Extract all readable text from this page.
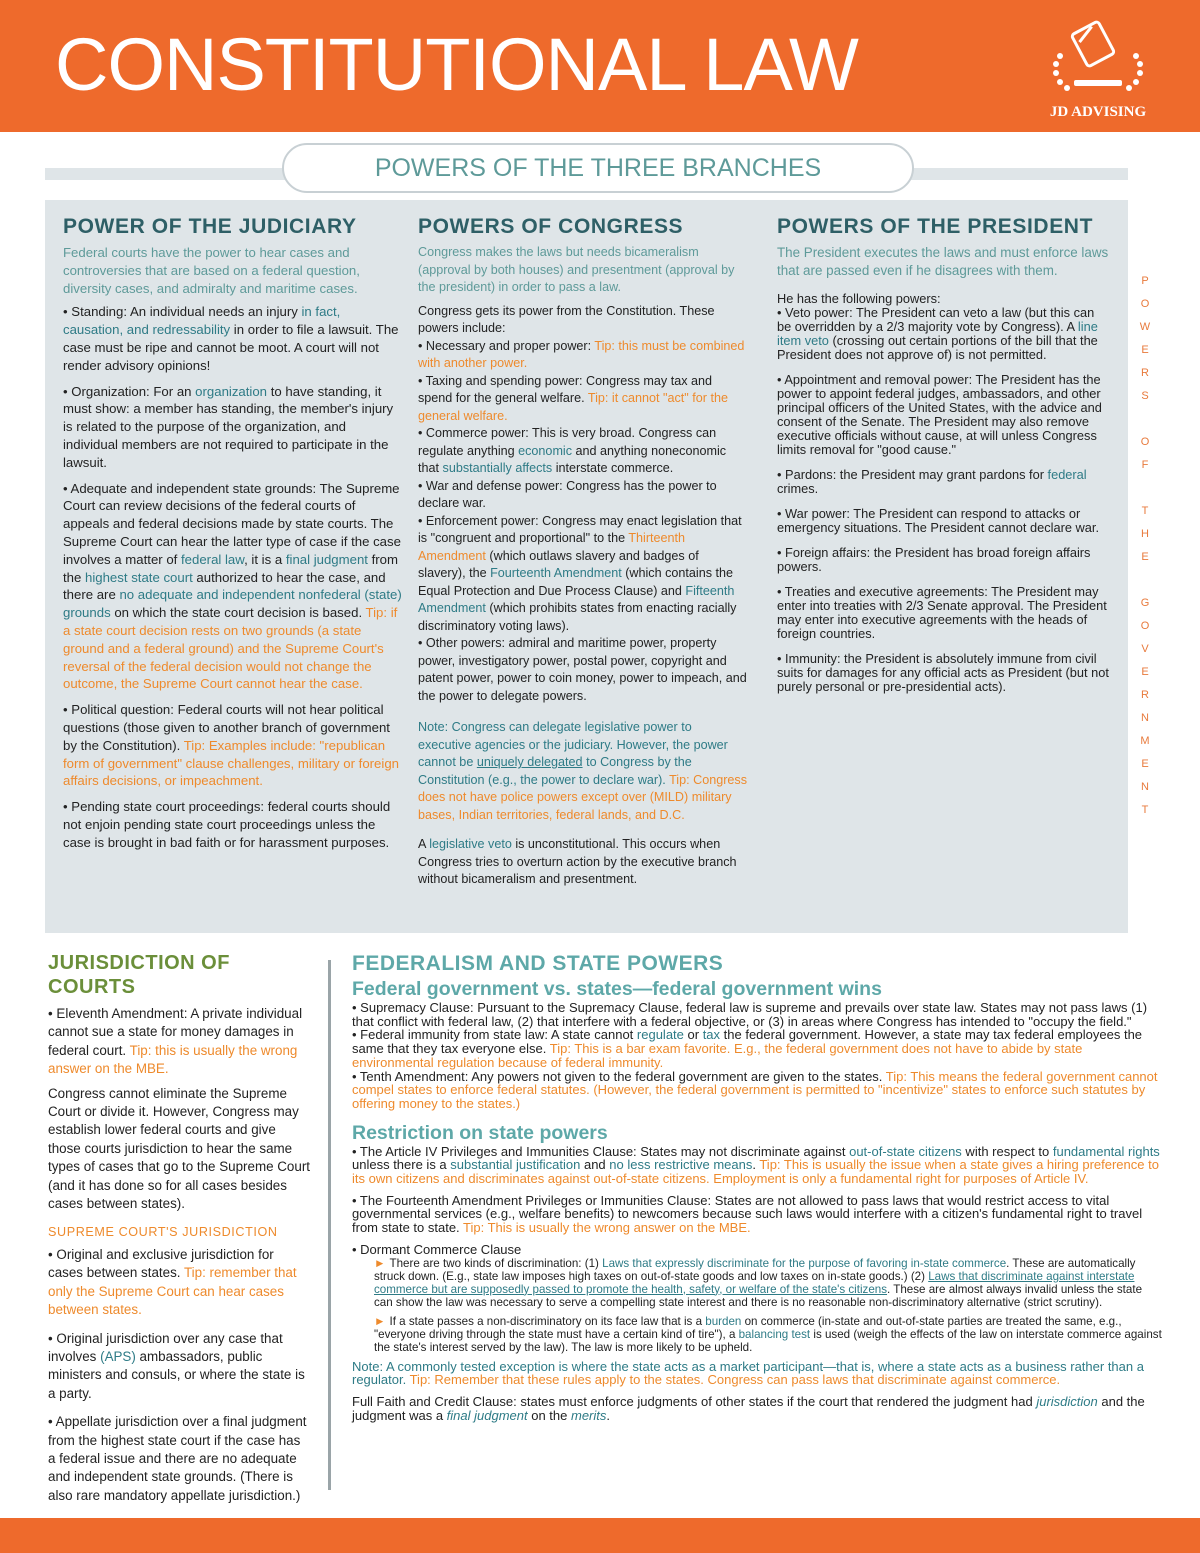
CONSTITUTIONAL LAW
JD ADVISING
POWERS OF THE THREE BRANCHES
POWER OF THE JUDICIARY
Federal courts have the power to hear cases and controversies that are based on a federal question, diversity cases, and admiralty and maritime cases.
• Standing: An individual needs an injury in fact, causation, and redressability in order to file a lawsuit. The case must be ripe and cannot be moot. A court will not render advisory opinions!
• Organization: For an organization to have standing, it must show: a member has standing, the member's injury is related to the purpose of the organization, and individual members are not required to participate in the lawsuit.
• Adequate and independent state grounds: The Supreme Court can review decisions of the federal courts of appeals and federal decisions made by state courts. The Supreme Court can hear the latter type of case if the case involves a matter of federal law, it is a final judgment from the highest state court authorized to hear the case, and there are no adequate and independent nonfederal (state) grounds on which the state court decision is based. Tip: if a state court decision rests on two grounds (a state ground and a federal ground) and the Supreme Court's reversal of the federal decision would not change the outcome, the Supreme Court cannot hear the case.
• Political question: Federal courts will not hear political questions (those given to another branch of government by the Constitution). Tip: Examples include: "republican form of government" clause challenges, military or foreign affairs decisions, or impeachment.
• Pending state court proceedings: federal courts should not enjoin pending state court proceedings unless the case is brought in bad faith or for harassment purposes.
POWERS OF CONGRESS
Congress makes the laws but needs bicameralism (approval by both houses) and presentment (approval by the president) in order to pass a law.
Congress gets its power from the Constitution. These powers include:
• Necessary and proper power: Tip: this must be combined with another power.
• Taxing and spending power: Congress may tax and spend for the general welfare. Tip: it cannot "act" for the general welfare.
• Commerce power: This is very broad. Congress can regulate anything economic and anything noneconomic that substantially affects interstate commerce.
• War and defense power: Congress has the power to declare war.
• Enforcement power: Congress may enact legislation that is "congruent and proportional" to the Thirteenth Amendment (which outlaws slavery and badges of slavery), the Fourteenth Amendment (which contains the Equal Protection and Due Process Clause) and Fifteenth Amendment (which prohibits states from enacting racially discriminatory voting laws).
• Other powers: admiral and maritime power, property power, investigatory power, postal power, copyright and patent power, power to coin money, power to impeach, and the power to delegate powers.
Note: Congress can delegate legislative power to executive agencies or the judiciary. However, the power cannot be uniquely delegated to Congress by the Constitution (e.g., the power to declare war). Tip: Congress does not have police powers except over (MILD) military bases, Indian territories, federal lands, and D.C.
A legislative veto is unconstitutional. This occurs when Congress tries to overturn action by the executive branch without bicameralism and presentment.
POWERS OF THE PRESIDENT
The President executes the laws and must enforce laws that are passed even if he disagrees with them.
He has the following powers:
• Veto power: The President can veto a law (but this can be overridden by a 2/3 majority vote by Congress). A line item veto (crossing out certain portions of the bill that the President does not approve of) is not permitted.
• Appointment and removal power: The President has the power to appoint federal judges, ambassadors, and other principal officers of the United States, with the advice and consent of the Senate. The President may also remove executive officials without cause, at will unless Congress limits removal for "good cause."
• Pardons: the President may grant pardons for federal crimes.
• War power: The President can respond to attacks or emergency situations. The President cannot declare war.
• Foreign affairs: the President has broad foreign affairs powers.
• Treaties and executive agreements: The President may enter into treaties with 2/3 Senate approval. The President may enter into executive agreements with the heads of foreign countries.
• Immunity: the President is absolutely immune from civil suits for damages for any official acts as President (but not purely personal or pre-presidential acts).
P
O
W
E
R
S

O
F

T
H
E

G
O
V
E
R
N
M
E
N
T
JURISDICTION OF COURTS
• Eleventh Amendment: A private individual cannot sue a state for money damages in federal court. Tip: this is usually the wrong answer on the MBE.
Congress cannot eliminate the Supreme Court or divide it. However, Congress may establish lower federal courts and give those courts jurisdiction to hear the same types of cases that go to the Supreme Court (and it has done so for all cases besides cases between states).
SUPREME COURT'S JURISDICTION
• Original and exclusive jurisdiction for cases between states. Tip: remember that only the Supreme Court can hear cases between states.
• Original jurisdiction over any case that involves (APS) ambassadors, public ministers and consuls, or where the state is a party.
• Appellate jurisdiction over a final judgment from the highest state court if the case has a federal issue and there are no adequate and independent state grounds. (There is also rare mandatory appellate jurisdiction.)
FEDERALISM AND STATE POWERS
Federal government vs. states—federal government wins
• Supremacy Clause: Pursuant to the Supremacy Clause, federal law is supreme and prevails over state law. States may not pass laws (1) that conflict with federal law, (2) that interfere with a federal objective, or (3) in areas where Congress has intended to "occupy the field."
• Federal immunity from state law: A state cannot regulate or tax the federal government. However, a state may tax federal employees the same that they tax everyone else. Tip: This is a bar exam favorite. E.g., the federal government does not have to abide by state environmental regulation because of federal immunity.
• Tenth Amendment: Any powers not given to the federal government are given to the states. Tip: This means the federal government cannot compel states to enforce federal statutes. (However, the federal government is permitted to "incentivize" states to enforce such statutes by offering money to the states.)
Restriction on state powers
• The Article IV Privileges and Immunities Clause: States may not discriminate against out-of-state citizens with respect to fundamental rights unless there is a substantial justification and no less restrictive means. Tip: This is usually the issue when a state gives a hiring preference to its own citizens and discriminates against out-of-state citizens. Employment is only a fundamental right for purposes of Article IV.
• The Fourteenth Amendment Privileges or Immunities Clause: States are not allowed to pass laws that would restrict access to vital governmental services (e.g., welfare benefits) to newcomers because such laws would interfere with a citizen's fundamental right to travel from state to state. Tip: This is usually the wrong answer on the MBE.
• Dormant Commerce Clause
► There are two kinds of discrimination: (1) Laws that expressly discriminate for the purpose of favoring in-state commerce. These are automatically struck down. (E.g., state law imposes high taxes on out-of-state goods and low taxes on in-state goods.) (2) Laws that discriminate against interstate commerce but are supposedly passed to promote the health, safety, or welfare of the state's citizens. These are almost always invalid unless the state can show the law was necessary to serve a compelling state interest and there is no reasonable non-discriminatory alternative (strict scrutiny).
► If a state passes a non-discriminatory on its face law that is a burden on commerce (in-state and out-of-state parties are treated the same, e.g., "everyone driving through the state must have a certain kind of tire"), a balancing test is used (weigh the effects of the law on interstate commerce against the state's interest served by the law). The law is more likely to be upheld.
Note: A commonly tested exception is where the state acts as a market participant—that is, where a state acts as a business rather than a regulator. Tip: Remember that these rules apply to the states. Congress can pass laws that discriminate against commerce.
Full Faith and Credit Clause: states must enforce judgments of other states if the court that rendered the judgment had jurisdiction and the judgment was a final judgment on the merits.
